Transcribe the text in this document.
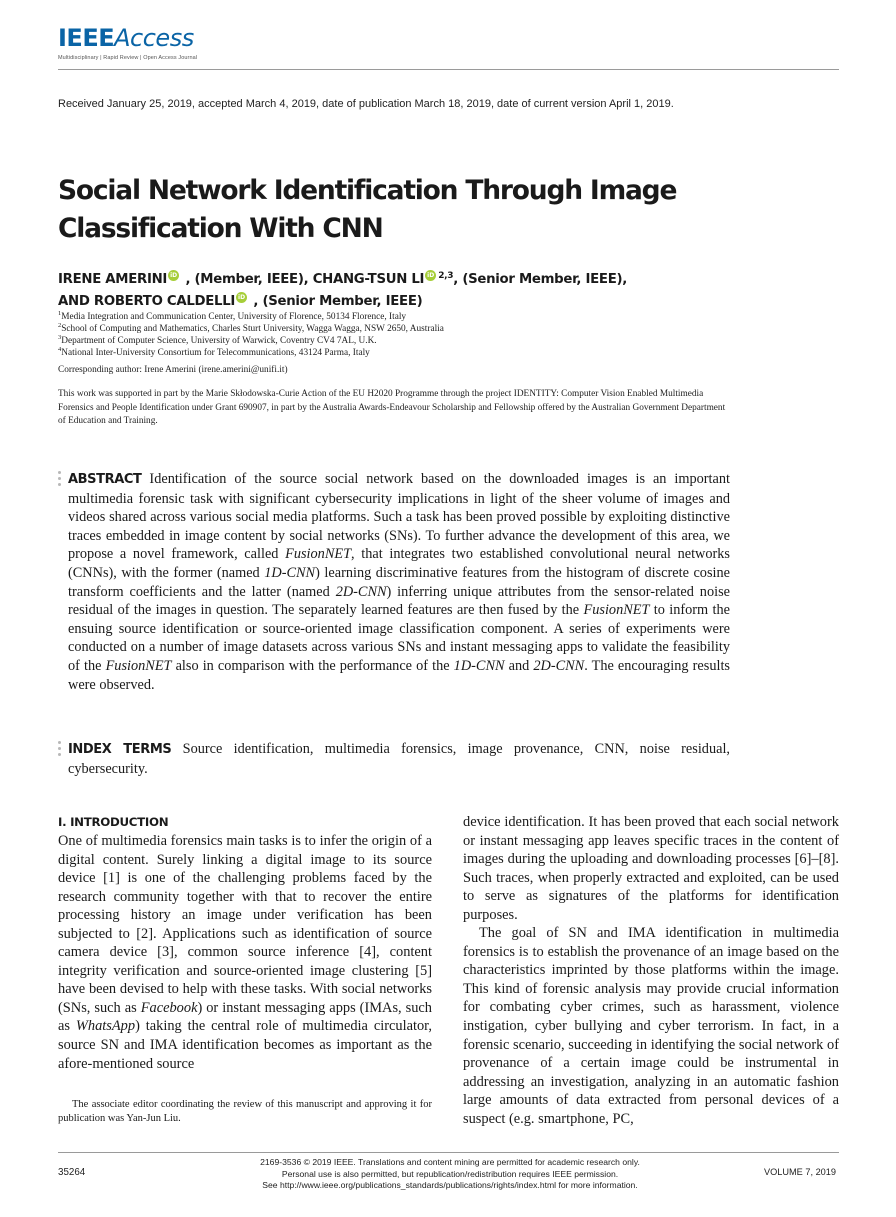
IEEEAccess
Multidisciplinary | Rapid Review | Open Access Journal
Received January 25, 2019, accepted March 4, 2019, date of publication March 18, 2019, date of current version April 1, 2019.
Social Network Identification Through Image Classification With CNN
IRENE AMERINI iD , (Member, IEEE), CHANG-TSUN LI iD $^{2,3}$, (Senior Member, IEEE),
AND ROBERTO CALDELLI iD , (Senior Member, IEEE)
$^1$Media Integration and Communication Center, University of Florence, 50134 Florence, Italy
$^2$School of Computing and Mathematics, Charles Sturt University, Wagga Wagga, NSW 2650, Australia
$^3$Department of Computer Science, University of Warwick, Coventry CV4 7AL, U.K.
$^4$National Inter-University Consortium for Telecommunications, 43124 Parma, Italy
Corresponding author: Irene Amerini (irene.amerini@unifi.it)
This work was supported in part by the Marie Skłodowska-Curie Action of the EU H2020 Programme through the project IDENTITY: Computer Vision Enabled Multimedia Forensics and People Identification under Grant 690907, in part by the Australia Awards-Endeavour Scholarship and Fellowship offered by the Australian Government Department of Education and Training.
ABSTRACT Identification of the source social network based on the downloaded images is an important multimedia forensic task with significant cybersecurity implications in light of the sheer volume of images and videos shared across various social media platforms. Such a task has been proved possible by exploiting distinctive traces embedded in image content by social networks (SNs). To further advance the development of this area, we propose a novel framework, called FusionNET, that integrates two established convolutional neural networks (CNNs), with the former (named 1D-CNN) learning discriminative features from the histogram of discrete cosine transform coefficients and the latter (named 2D-CNN) inferring unique attributes from the sensor-related noise residual of the images in question. The separately learned features are then fused by the FusionNET to inform the ensuing source identification or source-oriented image classification component. A series of experiments were conducted on a number of image datasets across various SNs and instant messaging apps to validate the feasibility of the FusionNET also in comparison with the performance of the 1D-CNN and 2D-CNN. The encouraging results were observed.
INDEX TERMS Source identification, multimedia forensics, image provenance, CNN, noise residual, cybersecurity.
I. INTRODUCTION

One of multimedia forensics main tasks is to infer the origin of a digital content. Surely linking a digital image to its source device [1] is one of the challenging problems faced by the research community together with that to recover the entire processing history an image under verification has been subjected to [2]. Applications such as identification of source camera device [3], common source inference [4], content integrity verification and source-oriented image clustering [5] have been devised to help with these tasks. With social networks (SNs, such as Facebook) or instant messaging apps (IMAs, such as WhatsApp) taking the central role of multimedia circulator, source SN and IMA identification becomes as important as the afore-mentioned source

device identification. It has been proved that each social network or instant messaging app leaves specific traces in the content of images during the uploading and downloading processes [6]–[8]. Such traces, when properly extracted and exploited, can be used to serve as signatures of the platforms for identification purposes.

The goal of SN and IMA identification in multimedia forensics is to establish the provenance of an image based on the characteristics imprinted by those platforms within the image. This kind of forensic analysis may provide crucial information for combating cyber crimes, such as harassment, violence instigation, cyber bullying and cyber terrorism. In fact, in a forensic scenario, succeeding in identifying the social network of provenance of a certain image could be instrumental in addressing an investigation, analyzing in an automatic fashion large amounts of data extracted from personal devices of a suspect (e.g. smartphone, PC,

The associate editor coordinating the review of this manuscript and approving it for publication was Yan-Jun Liu.
35264
2169-3536 © 2019 IEEE. Translations and content mining are permitted for academic research only.
Personal use is also permitted, but republication/redistribution requires IEEE permission.
See http://www.ieee.org/publications_standards/publications/rights/index.html for more information.
VOLUME 7, 2019
